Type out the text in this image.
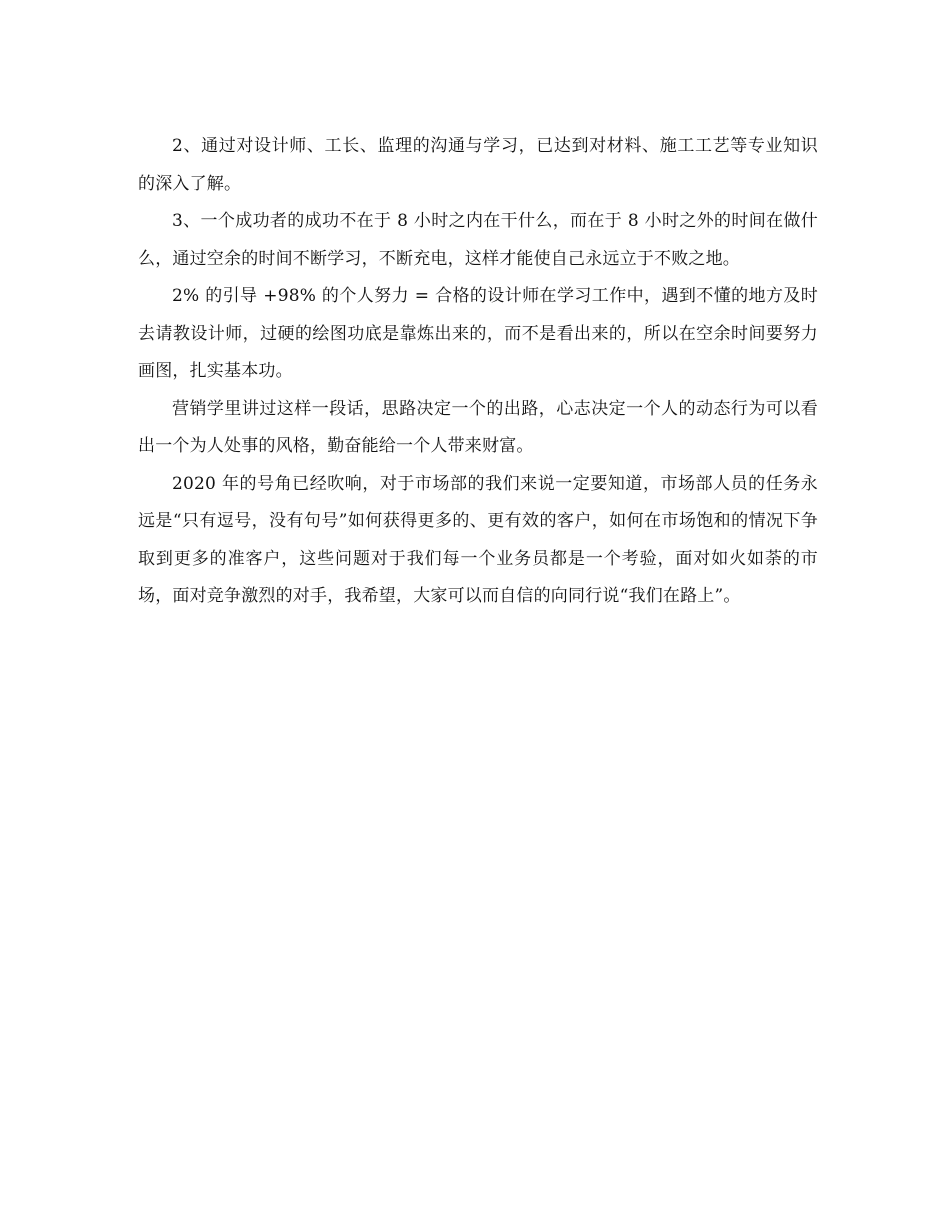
2、通过对设计师、工长、监理的沟通与学习，已达到对材料、施工工艺等专业知识的深入了解。

3、一个成功者的成功不在于 8 小时之内在干什么，而在于 8 小时之外的时间在做什么，通过空余的时间不断学习，不断充电，这样才能使自己永远立于不败之地。

2% 的引导 +98% 的个人努力 = 合格的设计师在学习工作中，遇到不懂的地方及时去请教设计师，过硬的绘图功底是靠炼出来的，而不是看出来的，所以在空余时间要努力画图，扎实基本功。

营销学里讲过这样一段话，思路决定一个的出路，心志决定一个人的动态行为可以看出一个为人处事的风格，勤奋能给一个人带来财富。

2020 年的号角已经吹响，对于市场部的我们来说一定要知道，市场部人员的任务永远是“只有逗号，没有句号”如何获得更多的、更有效的客户，如何在市场饱和的情况下争取到更多的准客户，这些问题对于我们每一个业务员都是一个考验，面对如火如荼的市场，面对竞争激烈的对手，我希望，大家可以而自信的向同行说“我们在路上”。
